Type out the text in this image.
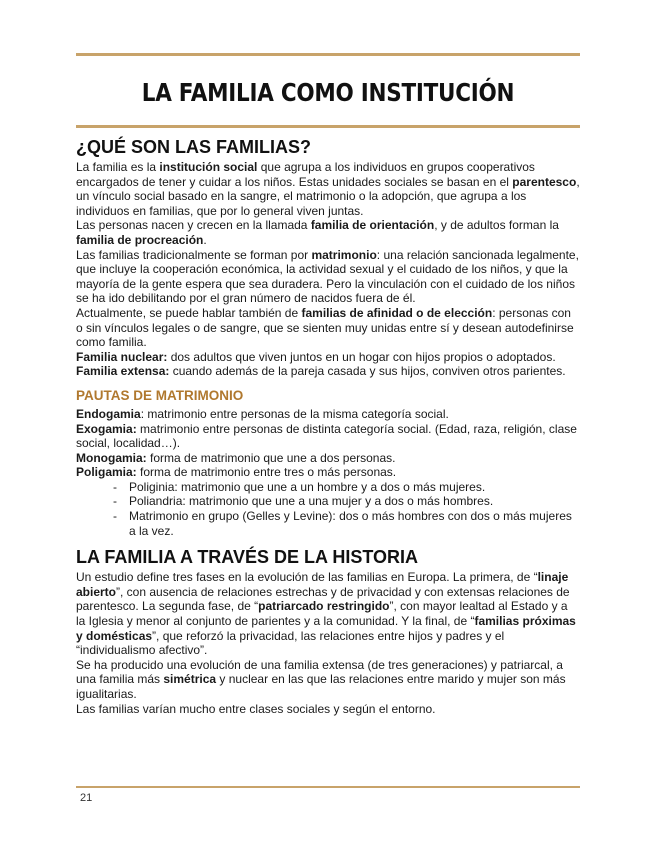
LA FAMILIA COMO INSTITUCIÓN
¿QUÉ SON LAS FAMILIAS?

La familia es la institución social que agrupa a los individuos en grupos cooperativos encargados de tener y cuidar a los niños. Estas unidades sociales se basan en el parentesco, un vínculo social basado en la sangre, el matrimonio o la adopción, que agrupa a los individuos en familias, que por lo general viven juntas.

Las personas nacen y crecen en la llamada familia de orientación, y de adultos forman la familia de procreación.

Las familias tradicionalmente se forman por matrimonio: una relación sancionada legalmente, que incluye la cooperación económica, la actividad sexual y el cuidado de los niños, y que la mayoría de la gente espera que sea duradera. Pero la vinculación con el cuidado de los niños se ha ido debilitando por el gran número de nacidos fuera de él.

Actualmente, se puede hablar también de familias de afinidad o de elección: personas con o sin vínculos legales o de sangre, que se sienten muy unidas entre sí y desean autodefinirse como familia.

Familia nuclear: dos adultos que viven juntos en un hogar con hijos propios o adoptados.

Familia extensa: cuando además de la pareja casada y sus hijos, conviven otros parientes.

PAUTAS DE MATRIMONIO

Endogamia: matrimonio entre personas de la misma categoría social.

Exogamia: matrimonio entre personas de distinta categoría social. (Edad, raza, religión, clase social, localidad…).

Monogamia: forma de matrimonio que une a dos personas.

Poligamia: forma de matrimonio entre tres o más personas.

- Poliginia: matrimonio que une a un hombre y a dos o más mujeres.
- Poliandria: matrimonio que une a una mujer y a dos o más hombres.
- Matrimonio en grupo (Gelles y Levine): dos o más hombres con dos o más mujeres a la vez.
LA FAMILIA A TRAVÉS DE LA HISTORIA

Un estudio define tres fases en la evolución de las familias en Europa. La primera, de “linaje abierto”, con ausencia de relaciones estrechas y de privacidad y con extensas relaciones de parentesco. La segunda fase, de “patriarcado restringido”, con mayor lealtad al Estado y a la Iglesia y menor al conjunto de parientes y a la comunidad. Y la final, de “familias próximas y domésticas”, que reforzó la privacidad, las relaciones entre hijos y padres y el “individualismo afectivo”.

Se ha producido una evolución de una familia extensa (de tres generaciones) y patriarcal, a una familia más simétrica y nuclear en las que las relaciones entre marido y mujer son más igualitarias.

Las familias varían mucho entre clases sociales y según el entorno.

21
